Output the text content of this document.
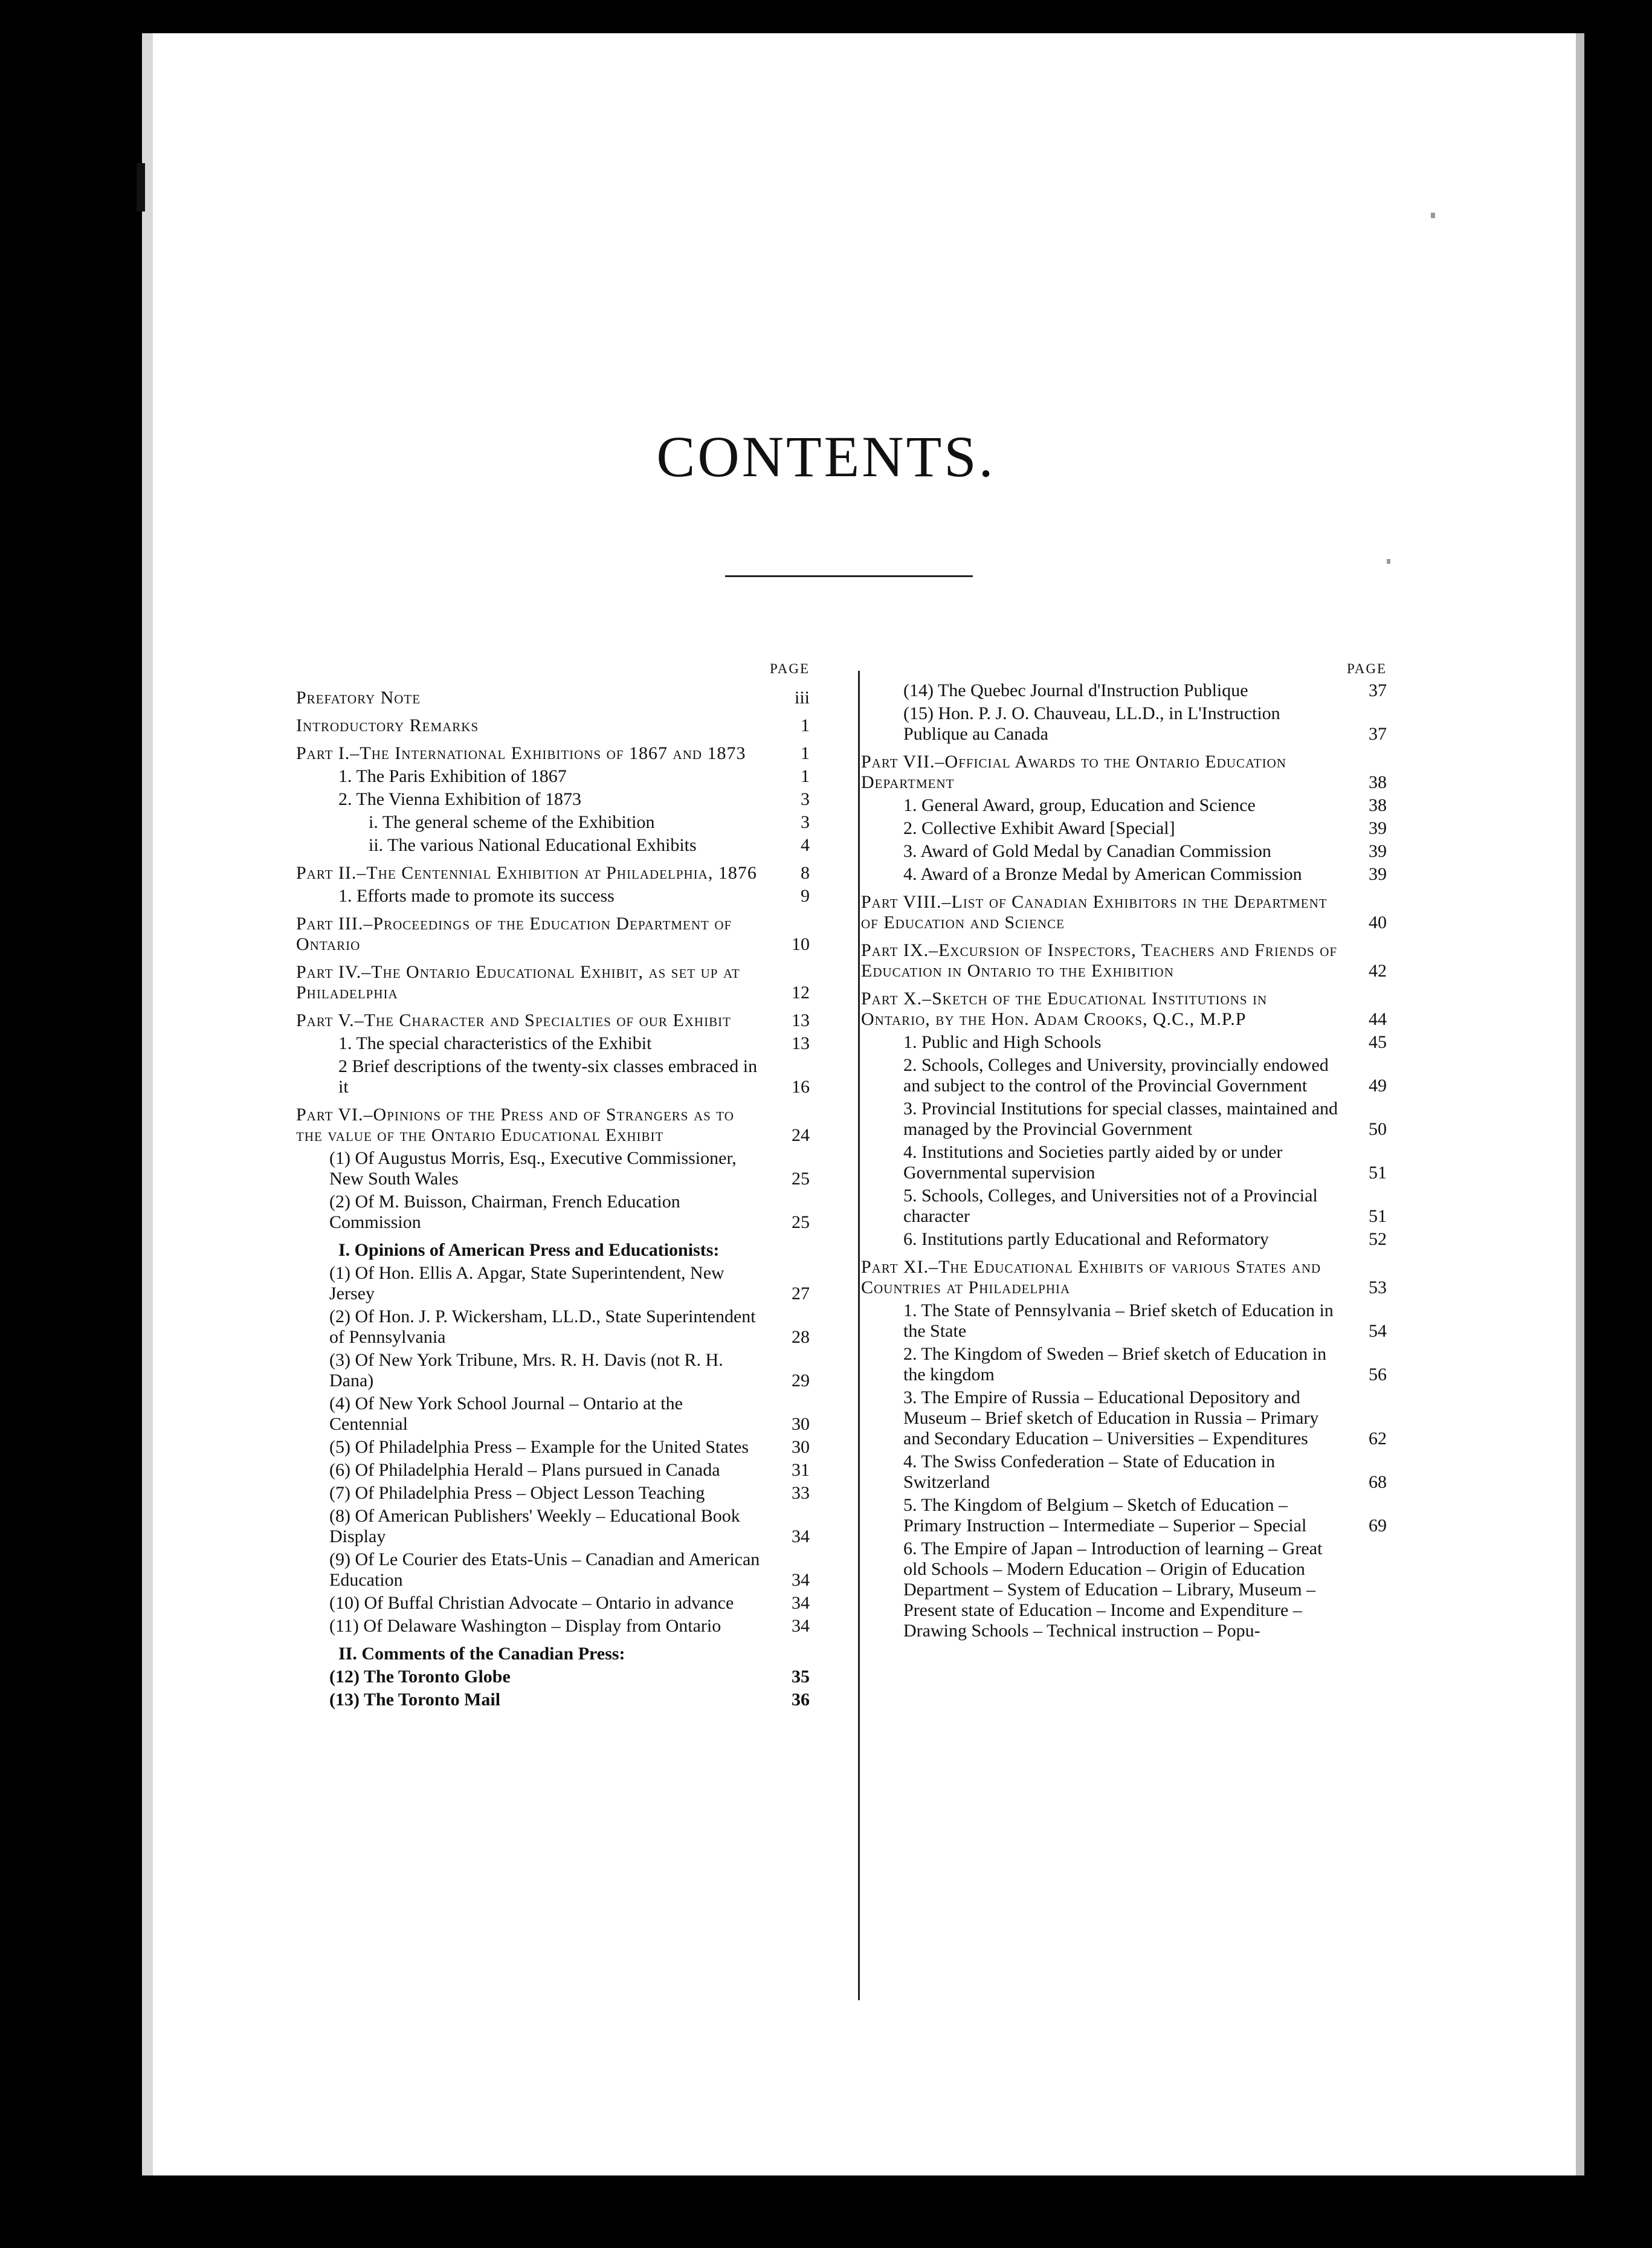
CONTENTS.
PAGE
Prefatory Note	iii
Introductory Remarks	1
Part I.–The International Exhibitions of 1867 and 1873	1
1. The Paris Exhibition of 1867	1
2. The Vienna Exhibition of 1873	3
i. The general scheme of the Exhibition	3
ii. The various National Educational Exhibits	4
Part II.–The Centennial Exhibition at Philadelphia, 1876	8
1. Efforts made to promote its success	9
Part III.–Proceedings of the Education Department of Ontario	10
Part IV.–The Ontario Educational Exhibit, as set up at Philadelphia	12
Part V.–The Character and Specialties of our Exhibit	13
1. The special characteristics of the Exhibit	13
2 Brief descriptions of the twenty-six classes embraced in it	16
Part VI.–Opinions of the Press and of Strangers as to the value of the Ontario Educational Exhibit	24
(1) Of Augustus Morris, Esq., Executive Commissioner, New South Wales	25
(2) Of M. Buisson, Chairman, French Education Commission	25
I. Opinions of American Press and Educationists:
(1) Of Hon. Ellis A. Apgar, State Superintendent, New Jersey	27
(2) Of Hon. J. P. Wickersham, LL.D., State Superintendent of Pennsylvania	28
(3) Of New York Tribune, Mrs. R. H. Davis (not R. H. Dana)	29
(4) Of New York School Journal – Ontario at the Centennial	30
(5) Of Philadelphia Press – Example for the United States	30
(6) Of Philadelphia Herald – Plans pursued in Canada	31
(7) Of Philadelphia Press – Object Lesson Teaching	33
(8) Of American Publishers' Weekly – Educational Book Display	34
(9) Of Le Courier des Etats-Unis – Canadian and American Education	34
(10) Of Buffal Christian Advocate – Ontario in advance	34
(11) Of Delaware Washington – Display from Ontario	34
II. Comments of the Canadian Press:
(12) The Toronto Globe	35
(13) The Toronto Mail	36
PAGE
(14) The Quebec Journal d'Instruction Publique	37
(15) Hon. P. J. O. Chauveau, LL.D., in L'Instruction Publique au Canada	37
Part VII.–Official Awards to the Ontario Education Department	38
1. General Award, group, Education and Science	38
2. Collective Exhibit Award [Special]	39
3. Award of Gold Medal by Canadian Commission	39
4. Award of a Bronze Medal by American Commission	39
Part VIII.–List of Canadian Exhibitors in the Department of Education and Science	40
Part IX.–Excursion of Inspectors, Teachers and Friends of Education in Ontario to the Exhibition	42
Part X.–Sketch of the Educational Institutions in Ontario, by the Hon. Adam Crooks, Q.C., M.P.P	44
1. Public and High Schools	45
2. Schools, Colleges and University, provincially endowed and subject to the control of the Provincial Government	49
3. Provincial Institutions for special classes, maintained and managed by the Provincial Government	50
4. Institutions and Societies partly aided by or under Governmental supervision	51
5. Schools, Colleges, and Universities not of a Provincial character	51
6. Institutions partly Educational and Reformatory	52
Part XI.–The Educational Exhibits of various States and Countries at Philadelphia	53
1. The State of Pennsylvania – Brief sketch of Education in the State	54
2. The Kingdom of Sweden – Brief sketch of Education in the kingdom	56
3. The Empire of Russia – Educational Depository and Museum – Brief sketch of Education in Russia – Primary and Secondary Education – Universities – Expenditures	62
4. The Swiss Confederation – State of Education in Switzerland	68
5. The Kingdom of Belgium – Sketch of Education – Primary Instruction – Intermediate – Superior – Special	69
6. The Empire of Japan – Introduction of learning – Great old Schools – Modern Education – Origin of Education Department – System of Education – Library, Museum – Present state of Education – Income and Expenditure – Drawing Schools – Technical instruction – Popu-
